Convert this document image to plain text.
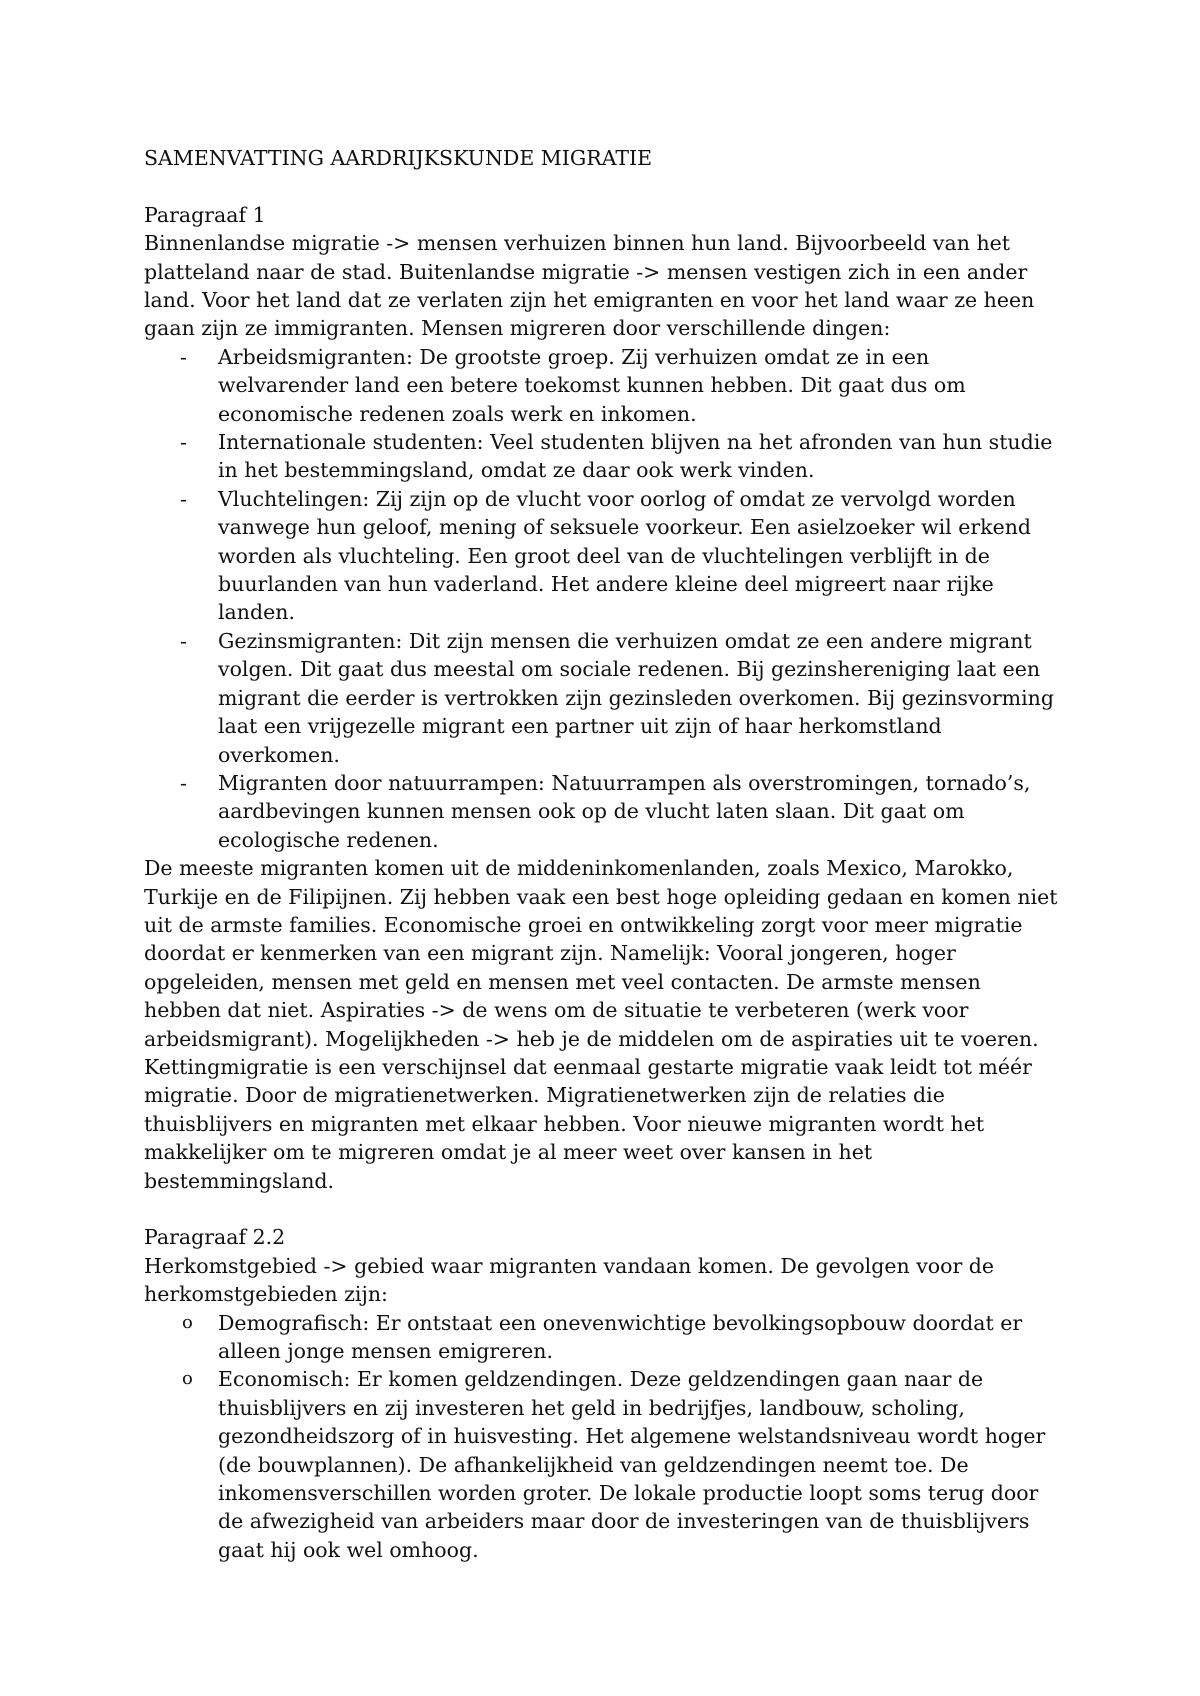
SAMENVATTING AARDRIJKSKUNDE MIGRATIE

Paragraaf 1

Binnenlandse migratie -> mensen verhuizen binnen hun land. Bijvoorbeeld van het platteland naar de stad. Buitenlandse migratie -> mensen vestigen zich in een ander land. Voor het land dat ze verlaten zijn het emigranten en voor het land waar ze heen gaan zijn ze immigranten. Mensen migreren door verschillende dingen:

-	Arbeidsmigranten: De grootste groep. Zij verhuizen omdat ze in een welvarender land een betere toekomst kunnen hebben. Dit gaat dus om economische redenen zoals werk en inkomen.
-	Internationale studenten: Veel studenten blijven na het afronden van hun studie in het bestemmingsland, omdat ze daar ook werk vinden.
-	Vluchtelingen: Zij zijn op de vlucht voor oorlog of omdat ze vervolgd worden vanwege hun geloof, mening of seksuele voorkeur. Een asielzoeker wil erkend worden als vluchteling. Een groot deel van de vluchtelingen verblijft in de buurlanden van hun vaderland. Het andere kleine deel migreert naar rijke landen.
-	Gezinsmigranten: Dit zijn mensen die verhuizen omdat ze een andere migrant volgen. Dit gaat dus meestal om sociale redenen. Bij gezinshereniging laat een migrant die eerder is vertrokken zijn gezinsleden overkomen. Bij gezinsvorming laat een vrijgezelle migrant een partner uit zijn of haar herkomstland overkomen.
-	Migranten door natuurrampen: Natuurrampen als overstromingen, tornado’s, aardbevingen kunnen mensen ook op de vlucht laten slaan. Dit gaat om ecologische redenen.

De meeste migranten komen uit de middeninkomenlanden, zoals Mexico, Marokko, Turkije en de Filipijnen. Zij hebben vaak een best hoge opleiding gedaan en komen niet uit de armste families. Economische groei en ontwikkeling zorgt voor meer migratie doordat er kenmerken van een migrant zijn. Namelijk: Vooral jongeren, hoger opgeleiden, mensen met geld en mensen met veel contacten. De armste mensen hebben dat niet. Aspiraties -> de wens om de situatie te verbeteren (werk voor arbeidsmigrant). Mogelijkheden -> heb je de middelen om de aspiraties uit te voeren. Kettingmigratie is een verschijnsel dat eenmaal gestarte migratie vaak leidt tot méér migratie. Door de migratienetwerken. Migratienetwerken zijn de relaties die thuisblijvers en migranten met elkaar hebben. Voor nieuwe migranten wordt het makkelijker om te migreren omdat je al meer weet over kansen in het bestemmingsland.

Paragraaf 2.2

Herkomstgebied -> gebied waar migranten vandaan komen. De gevolgen voor de herkomstgebieden zijn:

o	Demografisch: Er ontstaat een onevenwichtige bevolkingsopbouw doordat er alleen jonge mensen emigreren.
o	Economisch: Er komen geldzendingen. Deze geldzendingen gaan naar de thuisblijvers en zij investeren het geld in bedrijfjes, landbouw, scholing, gezondheidszorg of in huisvesting. Het algemene welstandsniveau wordt hoger (de bouwplannen). De afhankelijkheid van geldzendingen neemt toe. De inkomensverschillen worden groter. De lokale productie loopt soms terug door de afwezigheid van arbeiders maar door de investeringen van de thuisblijvers gaat hij ook wel omhoog.
